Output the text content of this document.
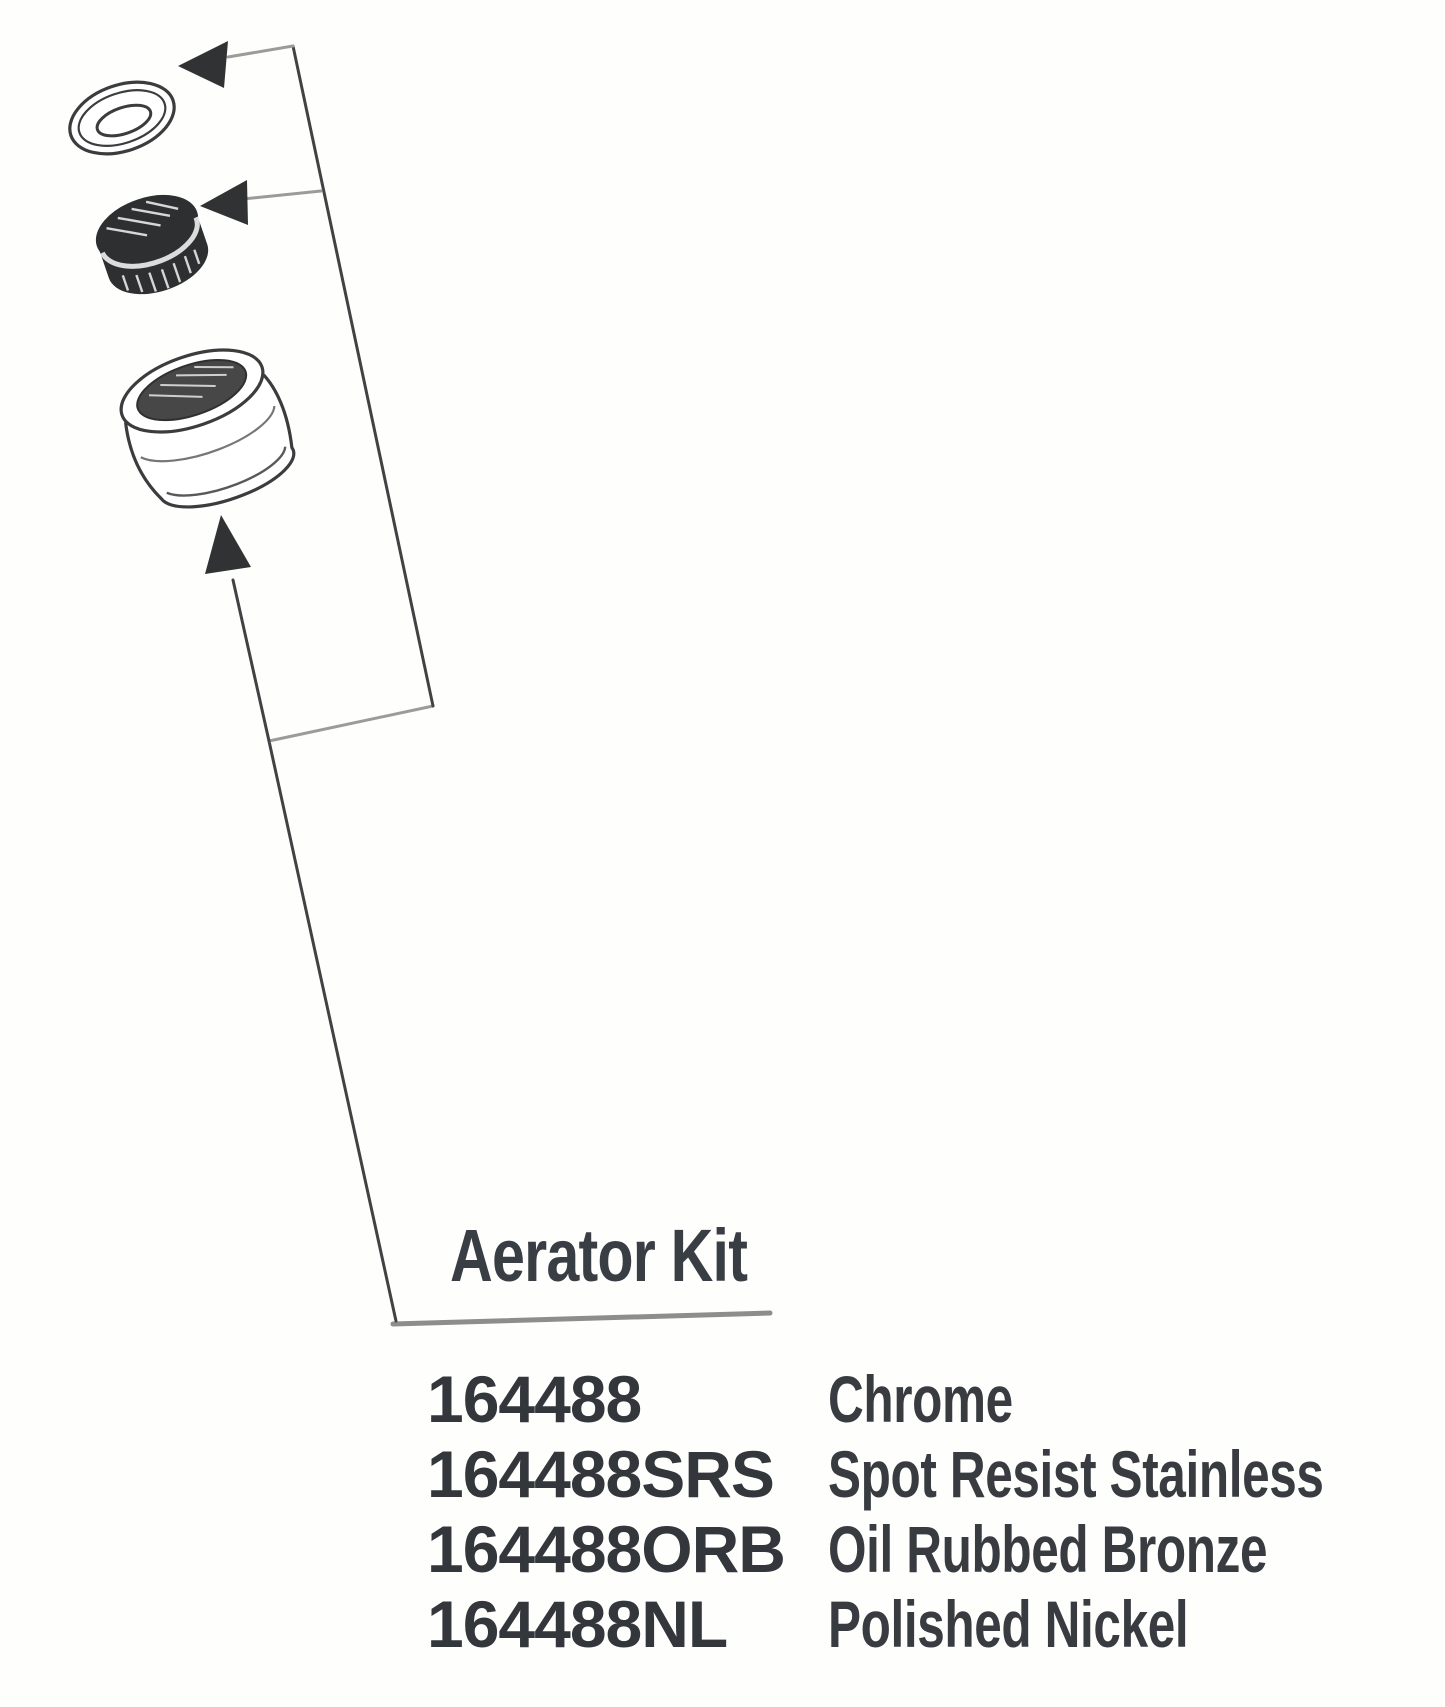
Aerator Kit
164488	Chrome
164488SRS Spot Resist Stainless
164488ORB Oil Rubbed Bronze
164488NL Polished Nickel
